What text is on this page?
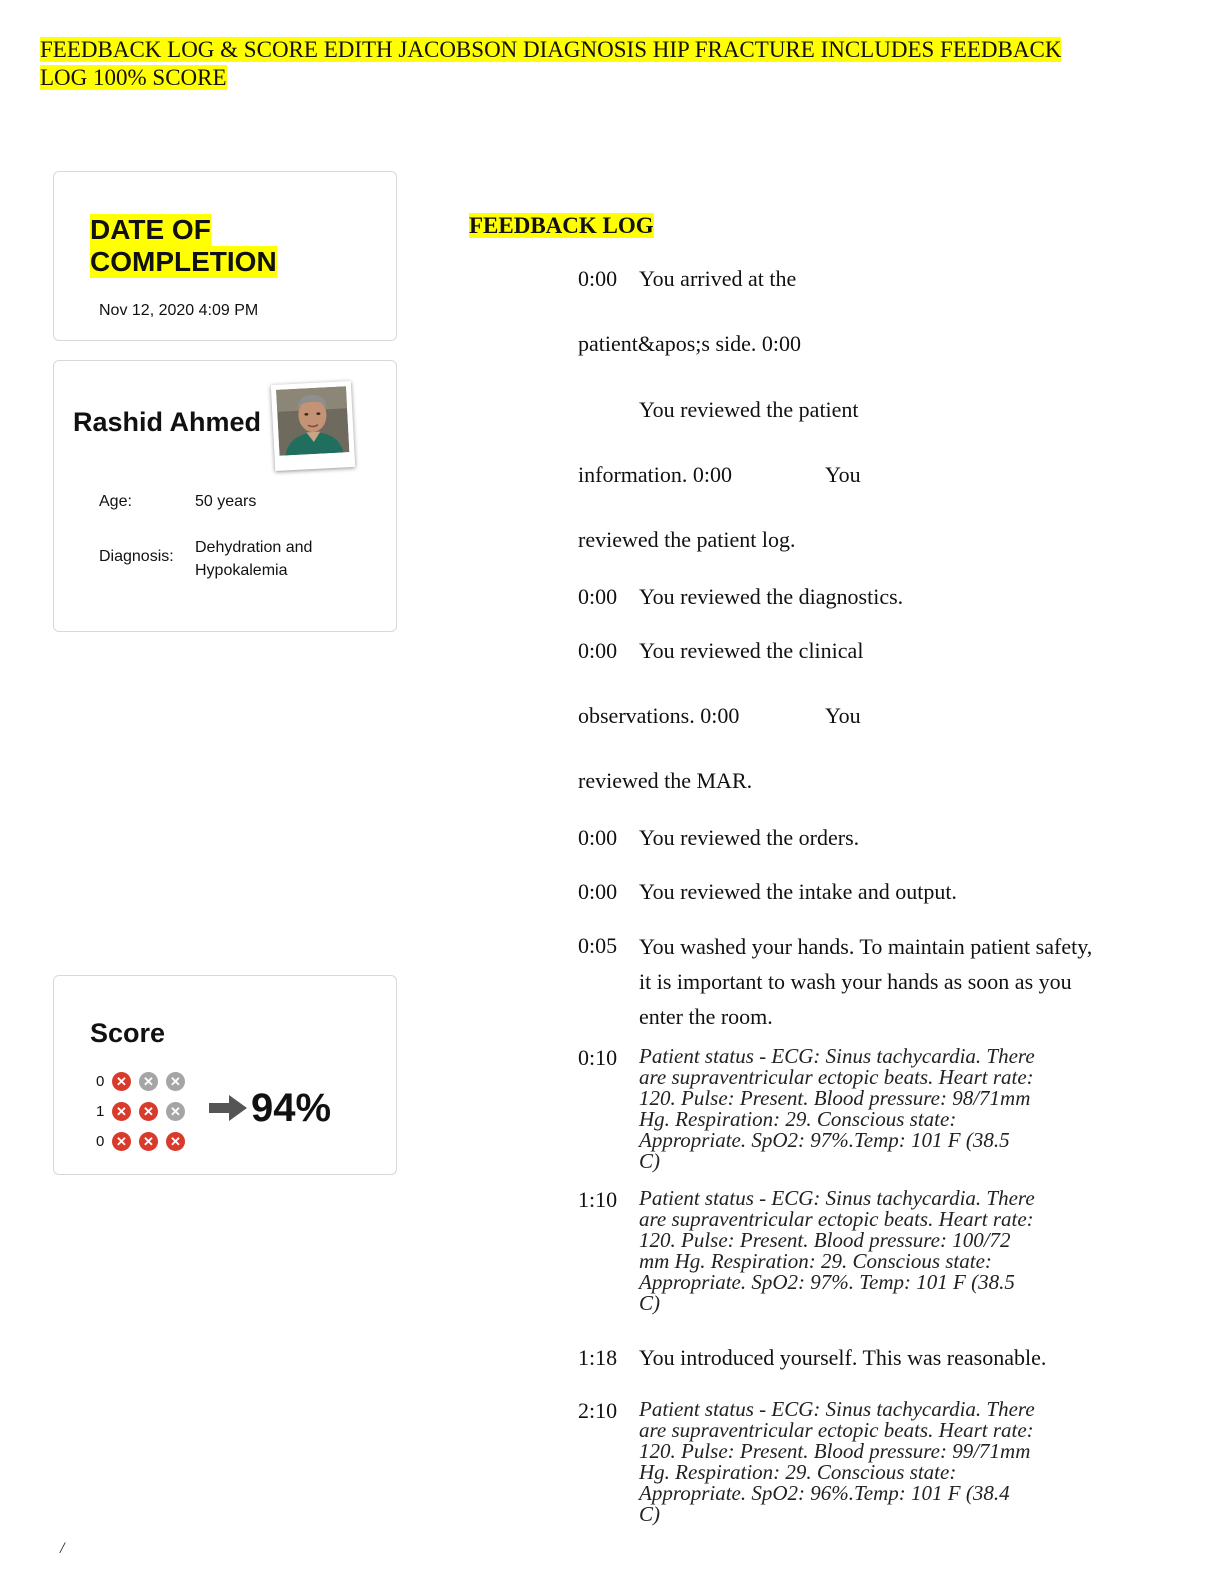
FEEDBACK LOG & SCORE EDITH JACOBSON DIAGNOSIS HIP FRACTURE INCLUDES FEEDBACK
LOG 100% SCORE
DATE OF
COMPLETION
Nov 12, 2020 4:09 PM
Rashid Ahmed
Age:	50 years
Diagnosis:
Dehydration and
Hypokalemia
Score
0 ✕	✕	✕
1 ✕	✕	✕
0 ✕	✕	✕
94%
FEEDBACK LOG
0:00 You arrived at the
patient&apos;s side. 0:00
You reviewed the patient
information. 0:00	You
reviewed the patient log.
0:00 You reviewed the diagnostics.
0:00 You reviewed the clinical
observations. 0:00	You
reviewed the MAR.
0:00 You reviewed the orders.
0:00 You reviewed the intake and output.
0:05 You washed your hands. To maintain patient safety, it is important to wash your hands as soon as you enter the room.
0:10 Patient status - ECG: Sinus tachycardia. There
are supraventricular ectopic beats. Heart rate:
120. Pulse: Present. Blood pressure: 98/71mm
Hg. Respiration: 29. Conscious state:
Appropriate. SpO2: 97%.Temp: 101 F (38.5
C)
1:10 Patient status - ECG: Sinus tachycardia. There
are supraventricular ectopic beats. Heart rate:
120. Pulse: Present. Blood pressure: 100/72
mm Hg. Respiration: 29. Conscious state:
Appropriate. SpO2: 97%. Temp: 101 F (38.5
C)
1:18 You introduced yourself. This was reasonable.
2:10 Patient status - ECG: Sinus tachycardia. There
are supraventricular ectopic beats. Heart rate:
120. Pulse: Present. Blood pressure: 99/71mm
Hg. Respiration: 29. Conscious state:
Appropriate. SpO2: 96%.Temp: 101 F (38.4
C)
/
